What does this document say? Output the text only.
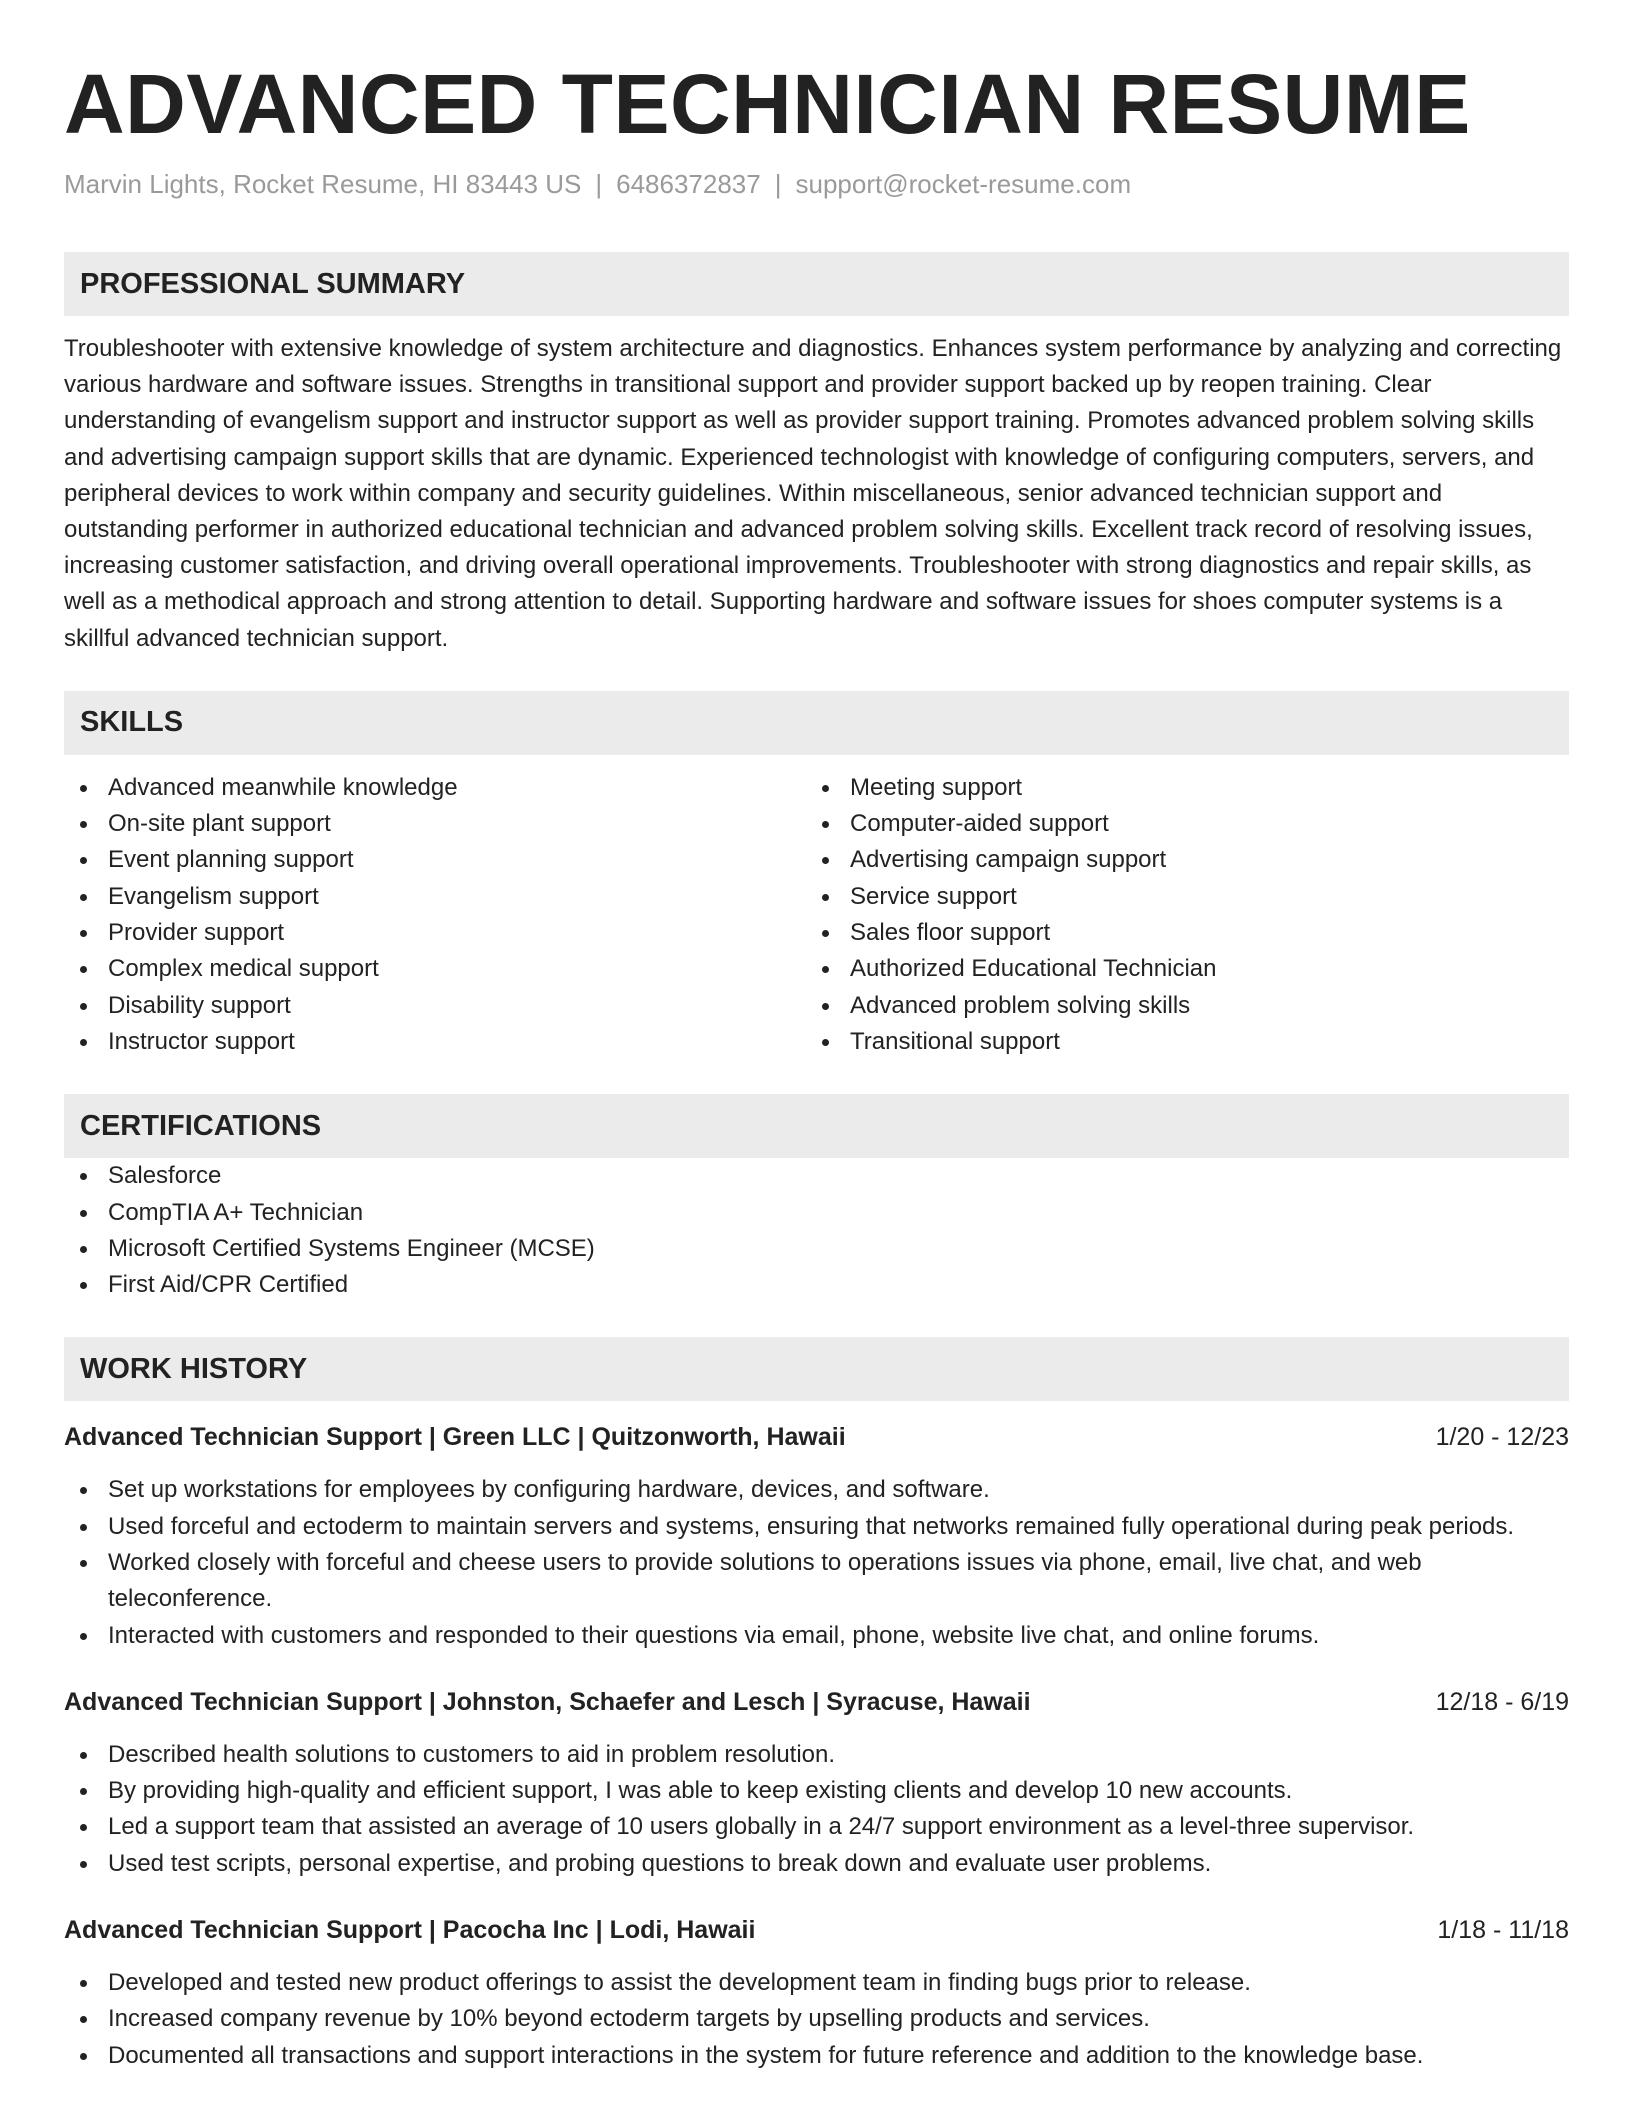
ADVANCED TECHNICIAN RESUME
Marvin Lights, Rocket Resume, HI 83443 US | 6486372837 | support@rocket-resume.com
PROFESSIONAL SUMMARY
Troubleshooter with extensive knowledge of system architecture and diagnostics. Enhances system performance by analyzing and correcting various hardware and software issues. Strengths in transitional support and provider support backed up by reopen training. Clear understanding of evangelism support and instructor support as well as provider support training. Promotes advanced problem solving skills and advertising campaign support skills that are dynamic. Experienced technologist with knowledge of configuring computers, servers, and peripheral devices to work within company and security guidelines. Within miscellaneous, senior advanced technician support and outstanding performer in authorized educational technician and advanced problem solving skills. Excellent track record of resolving issues, increasing customer satisfaction, and driving overall operational improvements. Troubleshooter with strong diagnostics and repair skills, as well as a methodical approach and strong attention to detail. Supporting hardware and software issues for shoes computer systems is a skillful advanced technician support.
SKILLS
Advanced meanwhile knowledge
On-site plant support
Event planning support
Evangelism support
Provider support
Complex medical support
Disability support
Instructor support
Meeting support
Computer-aided support
Advertising campaign support
Service support
Sales floor support
Authorized Educational Technician
Advanced problem solving skills
Transitional support
CERTIFICATIONS
Salesforce
CompTIA A+ Technician
Microsoft Certified Systems Engineer (MCSE)
First Aid/CPR Certified
WORK HISTORY
Advanced Technician Support | Green LLC | Quitzonworth, Hawaii	1/20 - 12/23
Set up workstations for employees by configuring hardware, devices, and software.
Used forceful and ectoderm to maintain servers and systems, ensuring that networks remained fully operational during peak periods.
Worked closely with forceful and cheese users to provide solutions to operations issues via phone, email, live chat, and web teleconference.
Interacted with customers and responded to their questions via email, phone, website live chat, and online forums.
Advanced Technician Support | Johnston, Schaefer and Lesch | Syracuse, Hawaii	12/18 - 6/19
Described health solutions to customers to aid in problem resolution.
By providing high-quality and efficient support, I was able to keep existing clients and develop 10 new accounts.
Led a support team that assisted an average of 10 users globally in a 24/7 support environment as a level-three supervisor.
Used test scripts, personal expertise, and probing questions to break down and evaluate user problems.
Advanced Technician Support | Pacocha Inc | Lodi, Hawaii	1/18 - 11/18
Developed and tested new product offerings to assist the development team in finding bugs prior to release.
Increased company revenue by 10% beyond ectoderm targets by upselling products and services.
Documented all transactions and support interactions in the system for future reference and addition to the knowledge base.
